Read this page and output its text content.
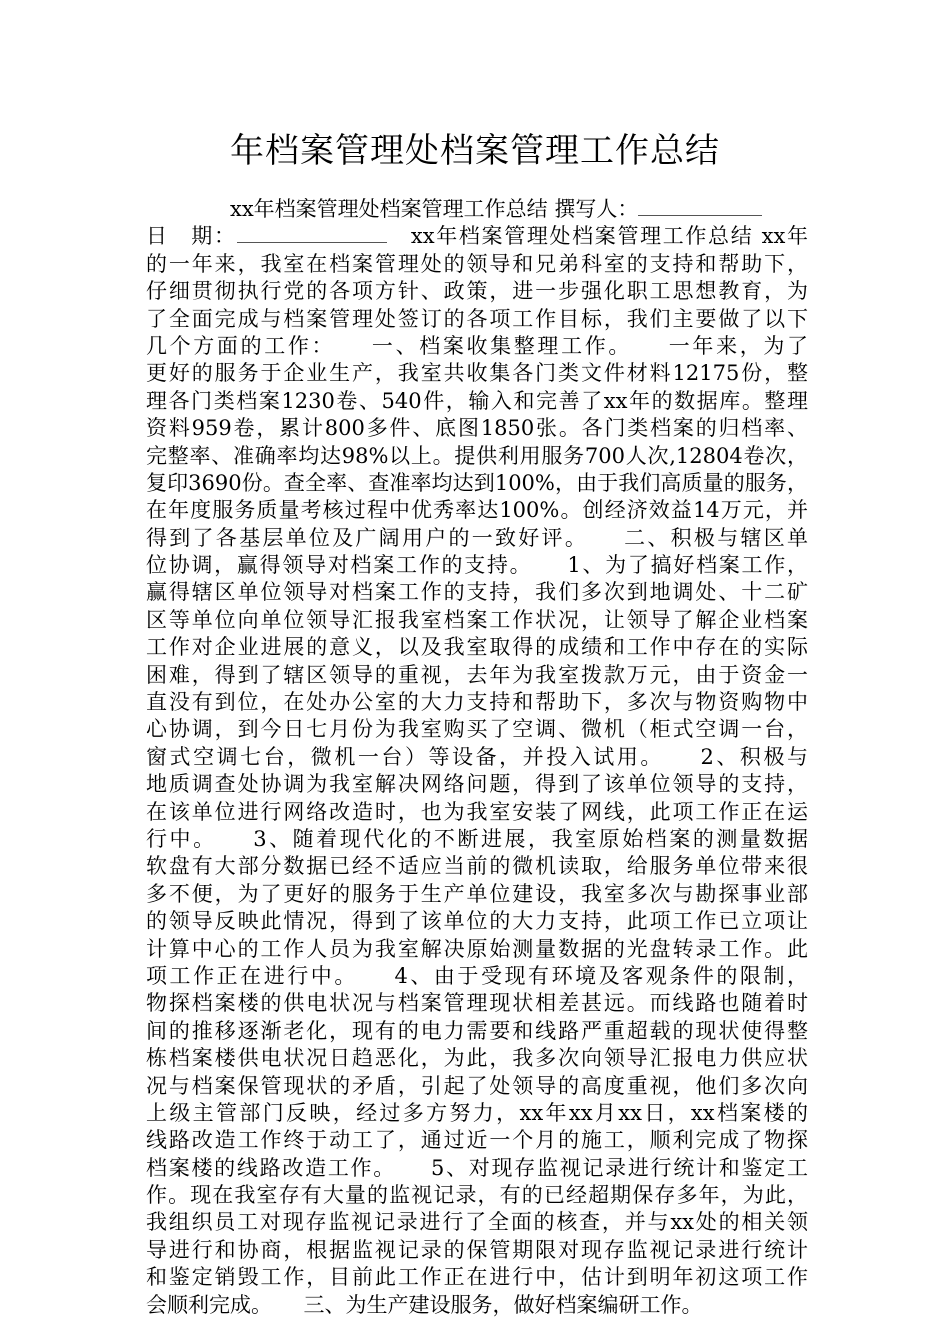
年档案管理处档案管理工作总结
　　　　xx年档案管理处档案管理工作总结 撰写人：
日　期：	　xx年档案管理处档案管理工作总结 xx年
的一年来，我室在档案管理处的领导和兄弟科室的支持和帮助下，
仔细贯彻执行党的各项方针、政策，进一步强化职工思想教育，为
了全面完成与档案管理处签订的各项工作目标，我们主要做了以下
几个方面的工作：　　一、档案收集整理工作。　　一年来，为了
更好的服务于企业生产，我室共收集各门类文件材料12175份，整
理各门类档案1230卷、540件，输入和完善了xx年的数据库。整理
资料959卷，累计800多件、底图1850张。各门类档案的归档率、
完整率、准确率均达98%以上。提供利用服务700人次,12804卷次，
复印3690份。查全率、查准率均达到100%，由于我们高质量的服务，
在年度服务质量考核过程中优秀率达100%。创经济效益14万元，并
得到了各基层单位及广阔用户的一致好评。　　二、积极与辖区单
位协调，赢得领导对档案工作的支持。　　1、为了搞好档案工作，
赢得辖区单位领导对档案工作的支持，我们多次到地调处、十二矿
区等单位向单位领导汇报我室档案工作状况，让领导了解企业档案
工作对企业进展的意义，以及我室取得的成绩和工作中存在的实际
困难，得到了辖区领导的重视，去年为我室拨款万元，由于资金一
直没有到位，在处办公室的大力支持和帮助下，多次与物资购物中
心协调，到今日七月份为我室购买了空调、微机（柜式空调一台，
窗式空调七台，微机一台）等设备，并投入试用。　　2、积极与
地质调查处协调为我室解决网络问题，得到了该单位领导的支持，
在该单位进行网络改造时，也为我室安装了网线，此项工作正在运
行中。　　3、随着现代化的不断进展，我室原始档案的测量数据
软盘有大部分数据已经不适应当前的微机读取，给服务单位带来很
多不便，为了更好的服务于生产单位建设，我室多次与勘探事业部
的领导反映此情况，得到了该单位的大力支持，此项工作已立项让
计算中心的工作人员为我室解决原始测量数据的光盘转录工作。此
项工作正在进行中。　　4、由于受现有环境及客观条件的限制，
物探档案楼的供电状况与档案管理现状相差甚远。而线路也随着时
间的推移逐渐老化，现有的电力需要和线路严重超载的现状使得整
栋档案楼供电状况日趋恶化，为此，我多次向领导汇报电力供应状
况与档案保管现状的矛盾，引起了处领导的高度重视，他们多次向
上级主管部门反映，经过多方努力，xx年xx月xx日，xx档案楼的
线路改造工作终于动工了，通过近一个月的施工，顺利完成了物探
档案楼的线路改造工作。　　5、对现存监视记录进行统计和鉴定工
作。现在我室存有大量的监视记录，有的已经超期保存多年，为此，
我组织员工对现存监视记录进行了全面的核查，并与xx处的相关领
导进行和协商，根据监视记录的保管期限对现存监视记录进行统计
和鉴定销毁工作，目前此工作正在进行中，估计到明年初这项工作
会顺利完成。　　三、为生产建设服务，做好档案编研工作。
